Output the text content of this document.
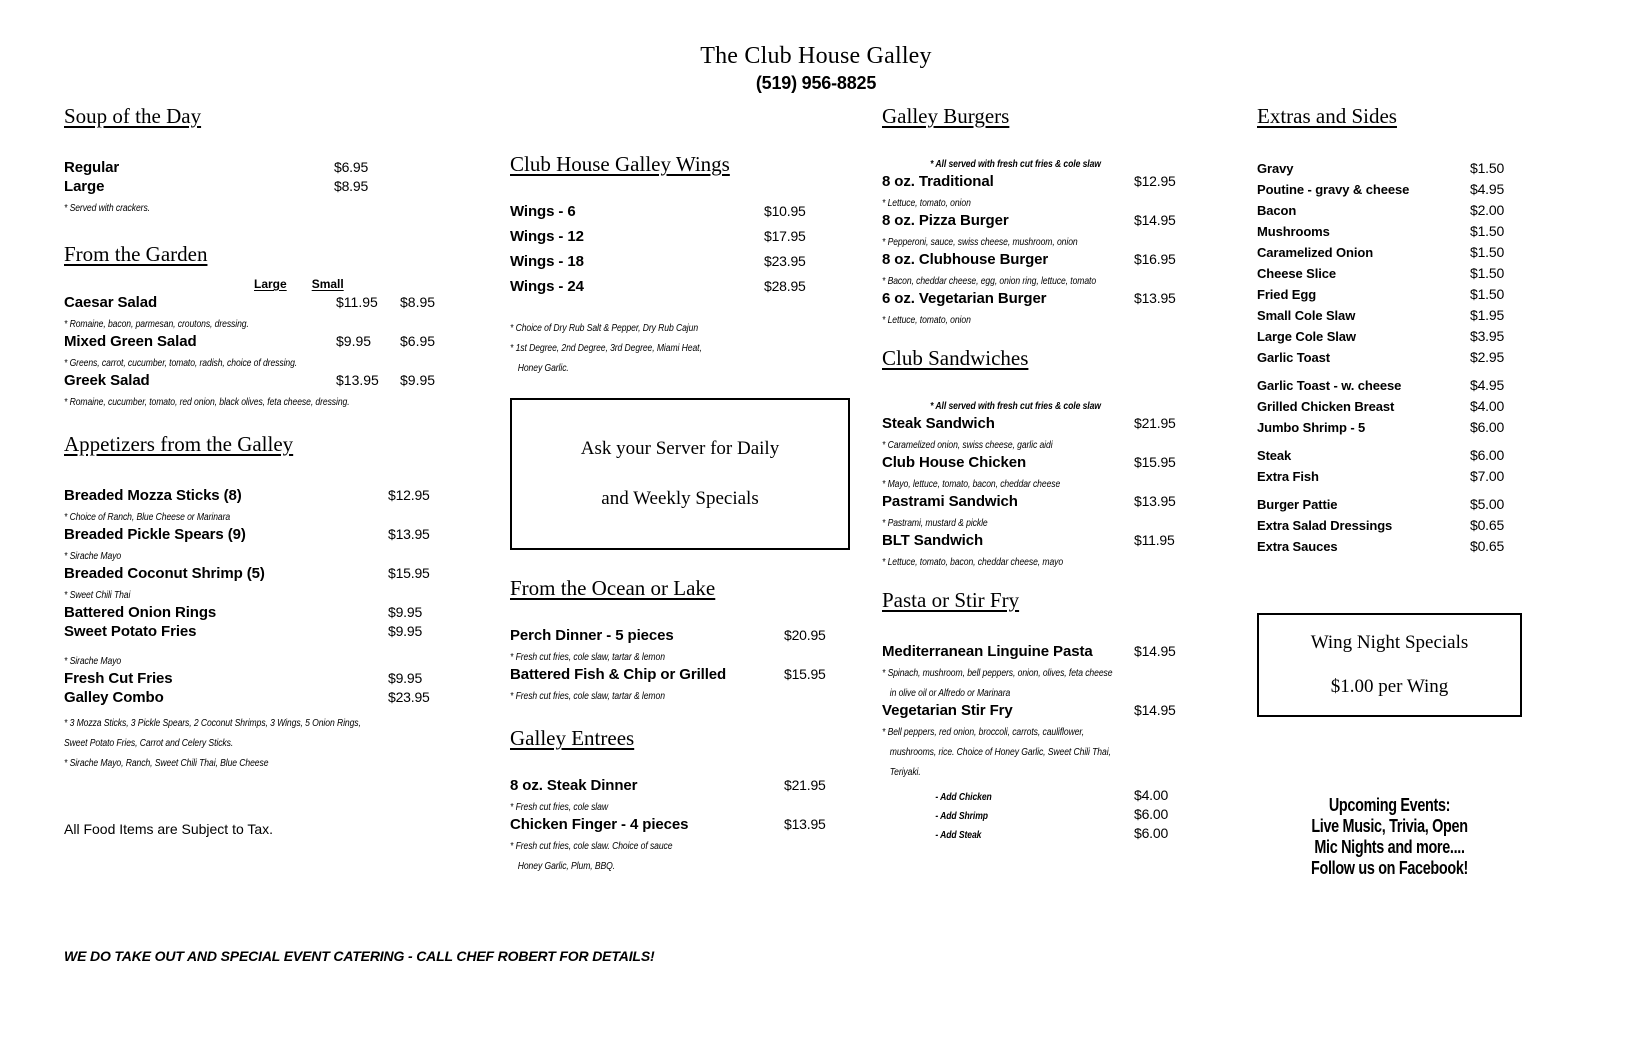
The Club House Galley
(519) 956-8825
Soup of the Day
Regular	$6.95
Large	$8.95
* Served with crackers.
From the Garden
Large Small
Caesar Salad	$11.95	$8.95
* Romaine, bacon, parmesan, croutons, dressing.
Mixed Green Salad	$9.95	$6.95
* Greens, carrot, cucumber, tomato, radish, choice of dressing.
Greek Salad	$13.95	$9.95
* Romaine, cucumber, tomato, red onion, black olives, feta cheese, dressing.
Appetizers from the Galley
Breaded Mozza Sticks (8)	$12.95
* Choice of Ranch, Blue Cheese or Marinara
Breaded Pickle Spears (9)	$13.95
* Sirache Mayo
Breaded Coconut Shrimp (5)	$15.95
* Sweet Chili Thai
Battered Onion Rings	$9.95
Sweet Potato Fries	$9.95
* Sirache Mayo
Fresh Cut Fries	$9.95
Galley Combo	$23.95
* 3 Mozza Sticks, 3 Pickle Spears, 2 Coconut Shrimps, 3 Wings, 5 Onion Rings,
Sweet Potato Fries, Carrot and Celery Sticks.
* Sirache Mayo, Ranch, Sweet Chili Thai, Blue Cheese
All Food Items are Subject to Tax.
Club House Galley Wings
Wings - 6	$10.95
Wings - 12	$17.95
Wings - 18	$23.95
Wings - 24	$28.95
* Choice of Dry Rub Salt & Pepper, Dry Rub Cajun
* 1st Degree, 2nd Degree, 3rd Degree, Miami Heat,
Honey Garlic.
Ask your Server for Daily
and Weekly Specials
From the Ocean or Lake
Perch Dinner - 5 pieces	$20.95
* Fresh cut fries, cole slaw, tartar & lemon
Battered Fish & Chip or Grilled	$15.95
* Fresh cut fries, cole slaw, tartar & lemon
Galley Entrees
8 oz. Steak Dinner	$21.95
* Fresh cut fries, cole slaw
Chicken Finger - 4 pieces	$13.95
* Fresh cut fries, cole slaw. Choice of sauce
Honey Garlic, Plum, BBQ.
Galley Burgers
* All served with fresh cut fries & cole slaw
8 oz. Traditional	$12.95
* Lettuce, tomato, onion
8 oz. Pizza Burger	$14.95
* Pepperoni, sauce, swiss cheese, mushroom, onion
8 oz. Clubhouse Burger	$16.95
* Bacon, cheddar cheese, egg, onion ring, lettuce, tomato
6 oz. Vegetarian Burger	$13.95
* Lettuce, tomato, onion
Club Sandwiches
* All served with fresh cut fries & cole slaw
Steak Sandwich	$21.95
* Caramelized onion, swiss cheese, garlic aidi
Club House Chicken	$15.95
* Mayo, lettuce, tomato, bacon, cheddar cheese
Pastrami Sandwich	$13.95
* Pastrami, mustard & pickle
BLT Sandwich	$11.95
* Lettuce, tomato, bacon, cheddar cheese, mayo
Pasta or Stir Fry
Mediterranean Linguine Pasta	$14.95
* Spinach, mushroom, bell peppers, onion, olives, feta cheese
in olive oil or Alfredo or Marinara
Vegetarian Stir Fry	$14.95
* Bell peppers, red onion, broccoli, carrots, cauliflower,
mushrooms, rice. Choice of Honey Garlic, Sweet Chili Thai,
Teriyaki.
- Add Chicken	$4.00
- Add Shrimp	$6.00
- Add Steak	$6.00
Extras and Sides
Gravy	$1.50
Poutine - gravy & cheese	$4.95
Bacon	$2.00
Mushrooms	$1.50
Caramelized Onion	$1.50
Cheese Slice	$1.50
Fried Egg	$1.50
Small Cole Slaw	$1.95
Large Cole Slaw	$3.95
Garlic Toast	$2.95
Garlic Toast - w. cheese	$4.95
Grilled Chicken Breast	$4.00
Jumbo Shrimp - 5	$6.00
Steak	$6.00
Extra Fish	$7.00
Burger Pattie	$5.00
Extra Salad Dressings	$0.65
Extra Sauces	$0.65
Wing Night Specials
$1.00 per Wing
Upcoming Events:
Live Music, Trivia, Open
Mic Nights and more....
Follow us on Facebook!
WE DO TAKE OUT AND SPECIAL EVENT CATERING - CALL CHEF ROBERT FOR DETAILS!
